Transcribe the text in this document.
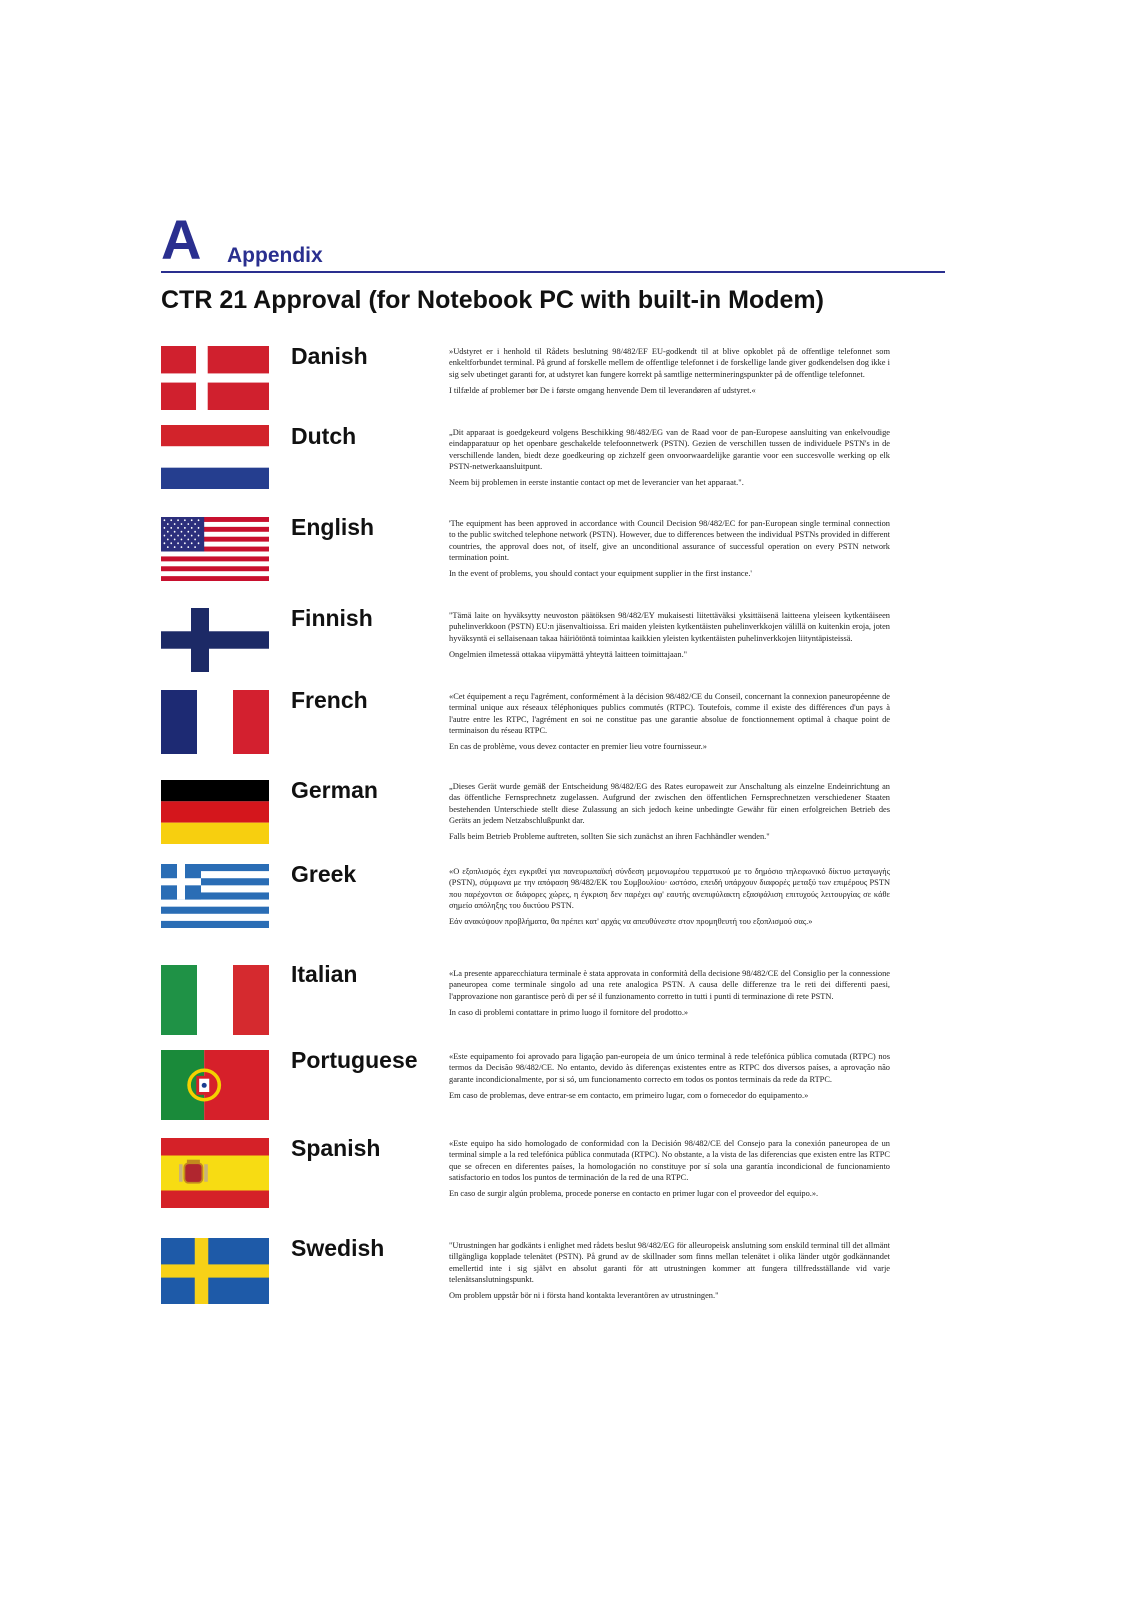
A Appendix
CTR 21 Approval (for Notebook PC with built-in Modem)
Danish	»Udstyret er i henhold til Rådets beslutning 98/482/EF EU-godkendt til at blive opkoblet på de offentlige telefonnet som enkeltforbundet terminal. På grund af forskelle mellem de offentlige telefonnet i de forskellige lande giver godkendelsen dog ikke i sig selv ubetinget garanti for, at udstyret kan fungere korrekt på samtlige nettermineringspunkter på de offentlige telefonnet.

I tilfælde af problemer bør De i første omgang henvende Dem til leverandøren af udstyret.«

Dutch	„Dit apparaat is goedgekeurd volgens Beschikking 98/482/EG van de Raad voor de pan-Europese aansluiting van enkelvoudige eindapparatuur op het openbare geschakelde telefoonnetwerk (PSTN). Gezien de verschillen tussen de individuele PSTN's in de verschillende landen, biedt deze goedkeuring op zichzelf geen onvoorwaardelijke garantie voor een succesvolle werking op elk PSTN-netwerkaansluitpunt.

Neem bij problemen in eerste instantie contact op met de leverancier van het apparaat.".

English	'The equipment has been approved in accordance with Council Decision 98/482/EC for pan-European single terminal connection to the public switched telephone network (PSTN). However, due to differences between the individual PSTNs provided in different countries, the approval does not, of itself, give an unconditional assurance of successful operation on every PSTN network termination point.

In the event of problems, you should contact your equipment supplier in the first instance.'

Finnish	"Tämä laite on hyväksytty neuvoston päätöksen 98/482/EY mukaisesti liitettäväksi yksittäisenä laitteena yleiseen kytkentäiseen puhelinverkkoon (PSTN) EU:n jäsenvaltioissa. Eri maiden yleisten kytkentäisten puhelinverkkojen välillä on kuitenkin eroja, joten hyväksyntä ei sellaisenaan takaa häiriötöntä toimintaa kaikkien yleisten kytkentäisten puhelinverkkojen liityntäpisteissä.

Ongelmien ilmetessä ottakaa viipymättä yhteyttä laitteen toimittajaan."

French	«Cet équipement a reçu l'agrément, conformément à la décision 98/482/CE du Conseil, concernant la connexion paneuropéenne de terminal unique aux réseaux téléphoniques publics commutés (RTPC). Toutefois, comme il existe des différences d'un pays à l'autre entre les RTPC, l'agrément en soi ne constitue pas une garantie absolue de fonctionnement optimal à chaque point de terminaison du réseau RTPC.

En cas de problème, vous devez contacter en premier lieu votre fournisseur.»

German	„Dieses Gerät wurde gemäß der Entscheidung 98/482/EG des Rates europaweit zur Anschaltung als einzelne Endeinrichtung an das öffentliche Fernsprechnetz zugelassen. Aufgrund der zwischen den öffentlichen Fernsprechnetzen verschiedener Staaten bestehenden Unterschiede stellt diese Zulassung an sich jedoch keine unbedingte Gewähr für einen erfolgreichen Betrieb des Geräts an jedem Netzabschlußpunkt dar.

Falls beim Betrieb Probleme auftreten, sollten Sie sich zunächst an ihren Fachhändler wenden."

Greek	«Ο εξοπλισμός έχει εγκριθεί για πανευρωπαϊκή σύνδεση μεμονωμέου τερματικού με το δημόσιο τηλεφωνικό δίκτυο μεταγωγής (PSTN), σύμφωνα με την απόφαση 98/482/ΕΚ του Συμβουλίου· ωστόσο, επειδή υπάρχουν διαφορές μεταξύ των επιμέρους PSTN που παρέχονται σε διάφορες χώρες, η έγκριση δεν παρέχει αφ' εαυτής ανεπιφύλακτη εξασφάλιση επιτυχούς λειτουργίας σε κάθε σημείο απόληξης του δικτύου PSTN.

Εάν ανακύψουν προβλήματα, θα πρέπει κατ' αρχάς να απευθύνεστε στον προμηθευτή του εξοπλισμού σας.»

Italian	«La presente apparecchiatura terminale è stata approvata in conformità della decisione 98/482/CE del Consiglio per la connessione paneuropea come terminale singolo ad una rete analogica PSTN. A causa delle differenze tra le reti dei differenti paesi, l'approvazione non garantisce però di per sé il funzionamento corretto in tutti i punti di terminazione di rete PSTN.

In caso di problemi contattare in primo luogo il fornitore del prodotto.»

Portuguese	«Este equipamento foi aprovado para ligação pan-europeia de um único terminal à rede telefónica pública comutada (RTPC) nos termos da Decisão 98/482/CE. No entanto, devido às diferenças existentes entre as RTPC dos diversos países, a aprovação não garante incondicionalmente, por si só, um funcionamento correcto em todos os pontos terminais da rede da RTPC.

Em caso de problemas, deve entrar-se em contacto, em primeiro lugar, com o fornecedor do equipamento.»

Spanish	«Este equipo ha sido homologado de conformidad con la Decisión 98/482/CE del Consejo para la conexión paneuropea de un terminal simple a la red telefónica pública conmutada (RTPC). No obstante, a la vista de las diferencias que existen entre las RTPC que se ofrecen en diferentes países, la homologación no constituye por sí sola una garantía incondicional de funcionamiento satisfactorio en todos los puntos de terminación de la red de una RTPC.

En caso de surgir algún problema, procede ponerse en contacto en primer lugar con el proveedor del equipo.».

Swedish	"Utrustningen har godkänts i enlighet med rådets beslut 98/482/EG för alleuropeisk anslutning som enskild terminal till det allmänt tillgängliga kopplade telenätet (PSTN). På grund av de skillnader som finns mellan telenätet i olika länder utgör godkännandet emellertid inte i sig självt en absolut garanti för att utrustningen kommer att fungera tillfredsställande vid varje telenätsanslutningspunkt.

Om problem uppstår bör ni i första hand kontakta leverantören av utrustningen."
